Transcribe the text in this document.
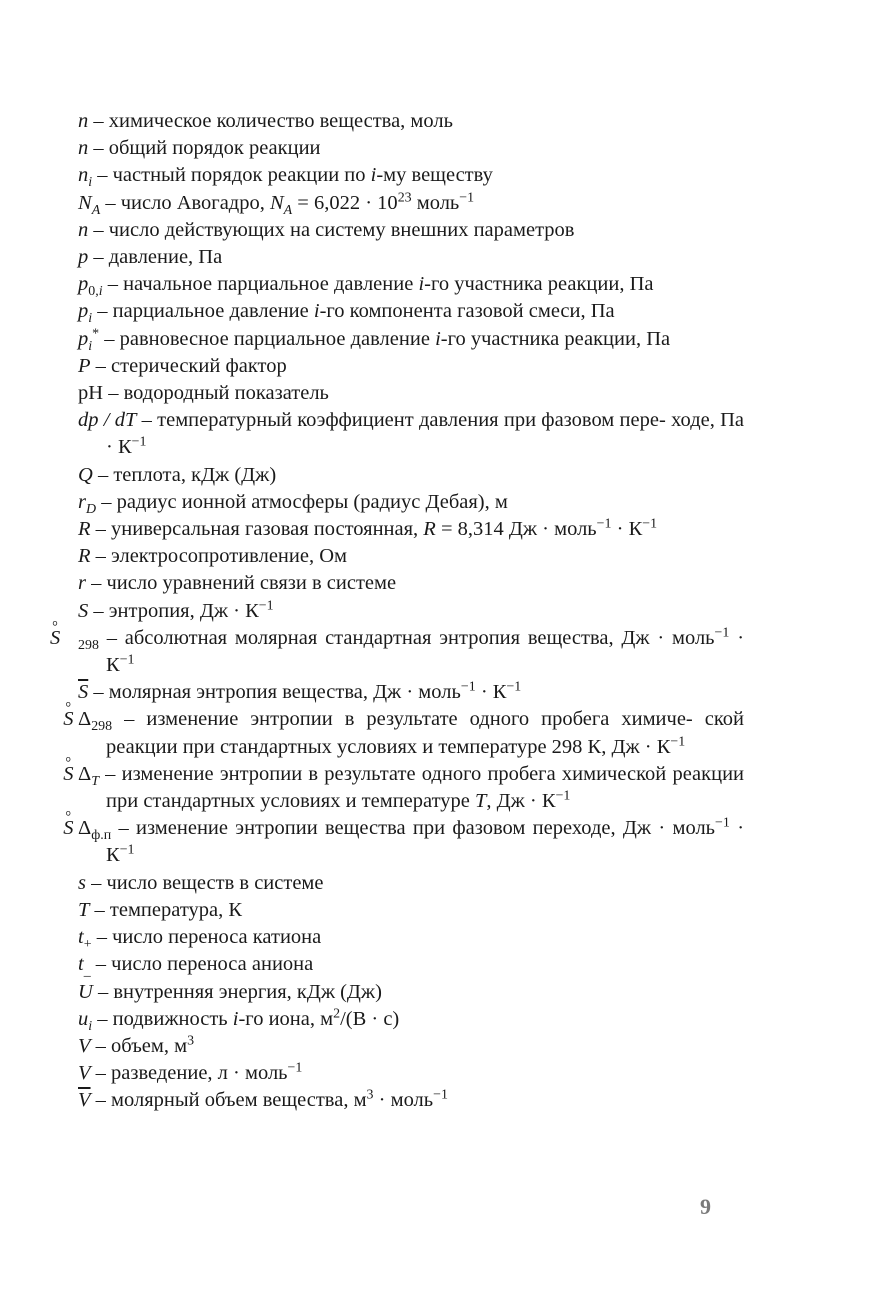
n – химическое количество вещества, моль
n – общий порядок реакции
$n_i$ – частный порядок реакции по i-му веществу
$N_A$ – число Авогадро, $N_A = 6,022 \cdot 10^{23}$ моль$^{-1}$
n – число действующих на систему внешних параметров
p – давление, Па
$p_{0,i}$ – начальное парциальное давление i-го участника реакции, Па
$p_i$ – парциальное давление i-го компонента газовой смеси, Па
$p_i^*$ – равновесное парциальное давление i-го участника реакции, Па
P – стерический фактор
pH – водородный показатель
dp / dT – температурный коэффициент давления при фазовом пере- ходе, Па · $К^{-1}$
Q – теплота, кДж (Дж)
$r_D$ – радиус ионной атмосферы (радиус Дебая), м
R – универсальная газовая постоянная, R = 8,314 Дж · моль$^{-1}$ · $К^{-1}$
R – электросопротивление, Ом
r – число уравнений связи в системе
S – энтропия, Дж · $К^{-1}$
S $_{298}$ – абсолютная молярная стандартная энтропия вещества, Дж · моль$^{-1}$ · $К^{-1}$
$\overline{S}$ – молярная энтропия вещества, Дж · моль$^{-1}$ · $К^{-1}$
ΔS $_{298}$ – изменение энтропии в результате одного пробега химиче- ской реакции при стандартных условиях и температуре 298 К, Дж · $К^{-1}$
ΔS $_T$ – изменение энтропии в результате одного пробега химической реакции при стандартных условиях и температуре T, Дж · $К^{-1}$
ΔS $_{ф.п}$ – изменение энтропии вещества при фазовом переходе, Дж · моль$^{-1}$ · $К^{-1}$
s – число веществ в системе
T – температура, К
$t_+$ – число переноса катиона
$t_{\_}$ – число переноса аниона
U – внутренняя энергия, кДж (Дж)
$u_i$ – подвижность i-го иона, $м^2/(В \cdot с)$
V – объем, $м^3$
V – разведение, л · моль$^{-1}$
$\overline{V}$ – молярный объем вещества, $м^3$ · моль$^{-1}$
9
